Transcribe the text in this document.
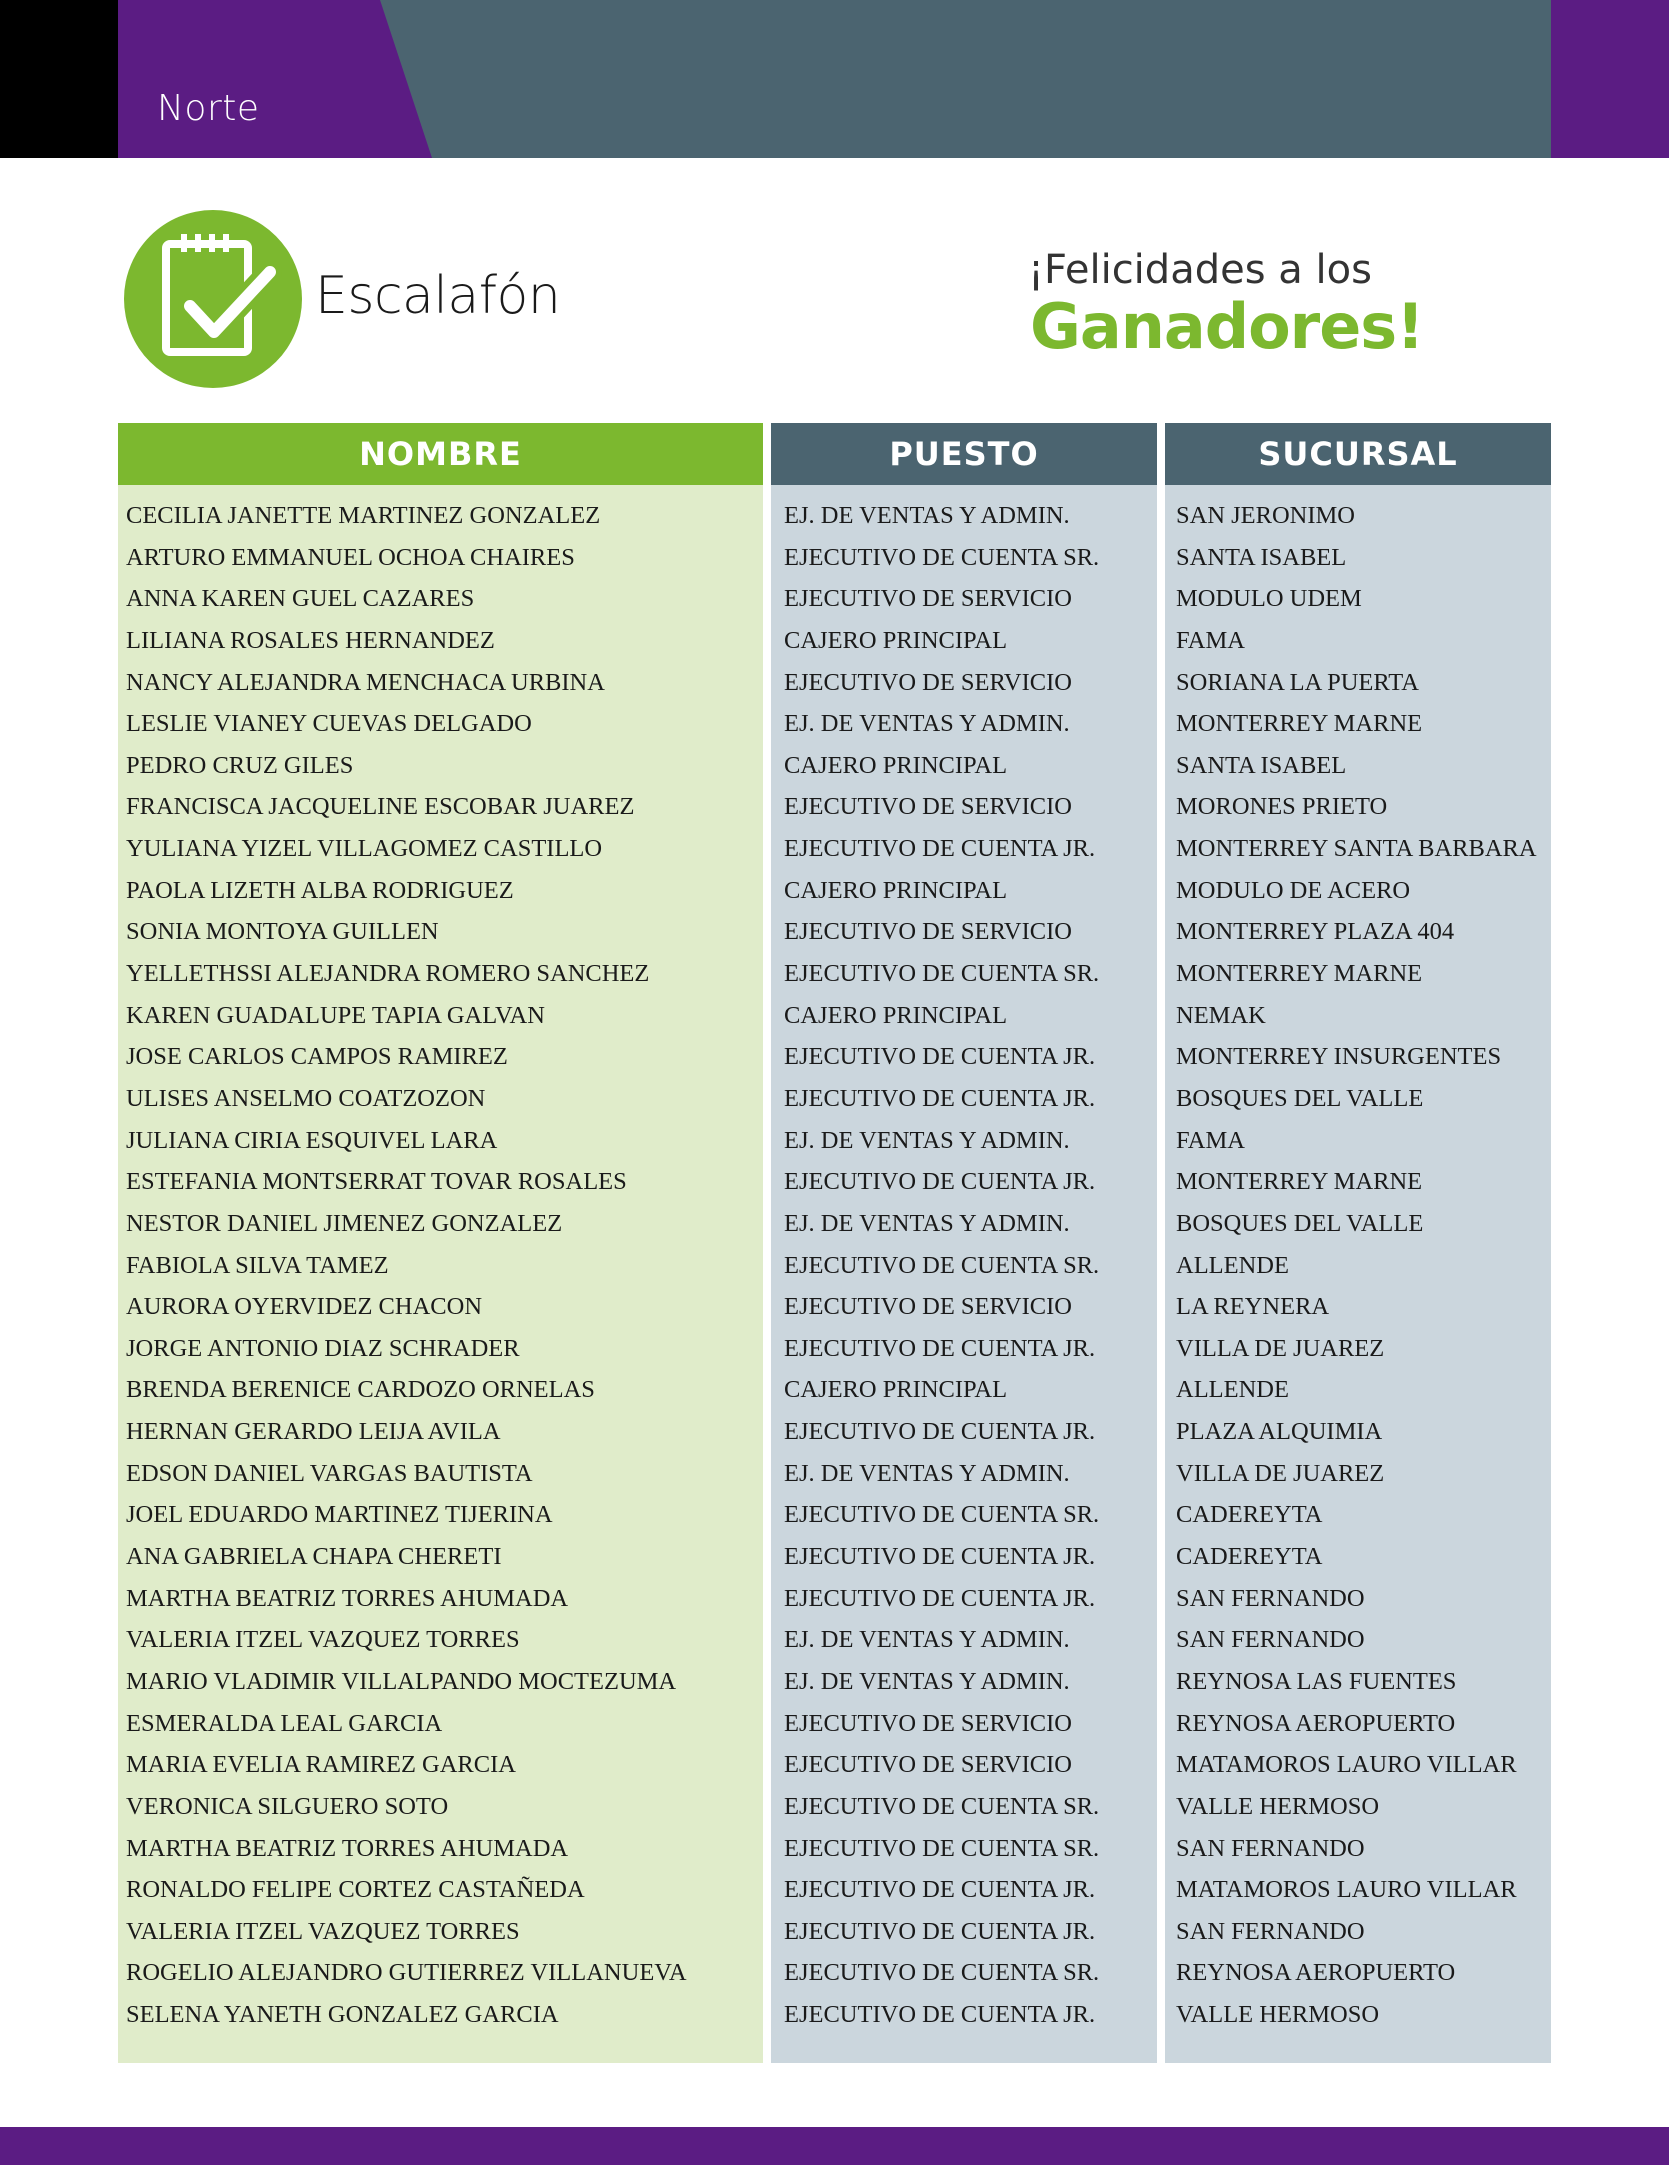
Norte
Escalafón	¡Felicidades a los
Ganadores!
NOMBRE
CECILIA JANETTE MARTINEZ GONZALEZ
ARTURO EMMANUEL OCHOA CHAIRES
ANNA KAREN GUEL CAZARES
LILIANA ROSALES HERNANDEZ
NANCY ALEJANDRA MENCHACA URBINA
LESLIE VIANEY CUEVAS DELGADO
PEDRO CRUZ GILES
FRANCISCA JACQUELINE ESCOBAR JUAREZ
YULIANA YIZEL VILLAGOMEZ CASTILLO
PAOLA LIZETH ALBA RODRIGUEZ
SONIA MONTOYA GUILLEN
YELLETHSSI ALEJANDRA ROMERO SANCHEZ
KAREN GUADALUPE TAPIA GALVAN
JOSE CARLOS CAMPOS RAMIREZ
ULISES ANSELMO COATZOZON
JULIANA CIRIA ESQUIVEL LARA
ESTEFANIA MONTSERRAT TOVAR ROSALES
NESTOR DANIEL JIMENEZ GONZALEZ
FABIOLA SILVA TAMEZ
AURORA OYERVIDEZ CHACON
JORGE ANTONIO DIAZ SCHRADER
BRENDA BERENICE CARDOZO ORNELAS
HERNAN GERARDO LEIJA AVILA
EDSON DANIEL VARGAS BAUTISTA
JOEL EDUARDO MARTINEZ TIJERINA
ANA GABRIELA CHAPA CHERETI
MARTHA BEATRIZ TORRES AHUMADA
VALERIA ITZEL VAZQUEZ TORRES
MARIO VLADIMIR VILLALPANDO MOCTEZUMA
ESMERALDA LEAL GARCIA
MARIA EVELIA RAMIREZ GARCIA
VERONICA SILGUERO SOTO
MARTHA BEATRIZ TORRES AHUMADA
RONALDO FELIPE CORTEZ CASTAÑEDA
VALERIA ITZEL VAZQUEZ TORRES
ROGELIO ALEJANDRO GUTIERREZ VILLANUEVA
SELENA YANETH GONZALEZ GARCIA
PUESTO
EJ. DE VENTAS Y ADMIN.
EJECUTIVO DE CUENTA SR.
EJECUTIVO DE SERVICIO
CAJERO PRINCIPAL
EJECUTIVO DE SERVICIO
EJ. DE VENTAS Y ADMIN.
CAJERO PRINCIPAL
EJECUTIVO DE SERVICIO
EJECUTIVO DE CUENTA JR.
CAJERO PRINCIPAL
EJECUTIVO DE SERVICIO
EJECUTIVO DE CUENTA SR.
CAJERO PRINCIPAL
EJECUTIVO DE CUENTA JR.
EJECUTIVO DE CUENTA JR.
EJ. DE VENTAS Y ADMIN.
EJECUTIVO DE CUENTA JR.
EJ. DE VENTAS Y ADMIN.
EJECUTIVO DE CUENTA SR.
EJECUTIVO DE SERVICIO
EJECUTIVO DE CUENTA JR.
CAJERO PRINCIPAL
EJECUTIVO DE CUENTA JR.
EJ. DE VENTAS Y ADMIN.
EJECUTIVO DE CUENTA SR.
EJECUTIVO DE CUENTA JR.
EJECUTIVO DE CUENTA JR.
EJ. DE VENTAS Y ADMIN.
EJ. DE VENTAS Y ADMIN.
EJECUTIVO DE SERVICIO
EJECUTIVO DE SERVICIO
EJECUTIVO DE CUENTA SR.
EJECUTIVO DE CUENTA SR.
EJECUTIVO DE CUENTA JR.
EJECUTIVO DE CUENTA JR.
EJECUTIVO DE CUENTA SR.
EJECUTIVO DE CUENTA JR.
SUCURSAL
SAN JERONIMO
SANTA ISABEL
MODULO UDEM
FAMA
SORIANA LA PUERTA
MONTERREY MARNE
SANTA ISABEL
MORONES PRIETO
MONTERREY SANTA BARBARA
MODULO DE ACERO
MONTERREY PLAZA 404
MONTERREY MARNE
NEMAK
MONTERREY INSURGENTES
BOSQUES DEL VALLE
FAMA
MONTERREY MARNE
BOSQUES DEL VALLE
ALLENDE
LA REYNERA
VILLA DE JUAREZ
ALLENDE
PLAZA ALQUIMIA
VILLA DE JUAREZ
CADEREYTA
CADEREYTA
SAN FERNANDO
SAN FERNANDO
REYNOSA LAS FUENTES
REYNOSA AEROPUERTO
MATAMOROS LAURO VILLAR
VALLE HERMOSO
SAN FERNANDO
MATAMOROS LAURO VILLAR
SAN FERNANDO
REYNOSA AEROPUERTO
VALLE HERMOSO
